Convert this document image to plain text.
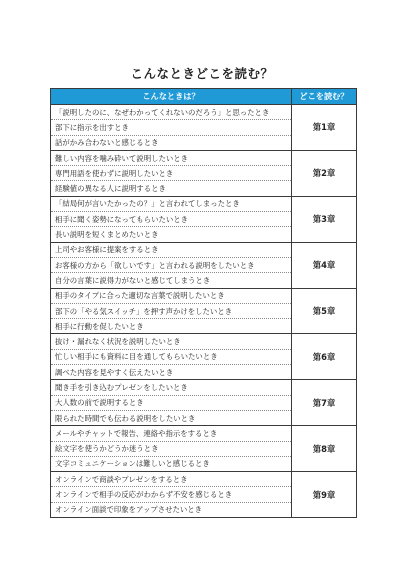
こんなときどこを読む？
こんなときは？	どこを読む？
「説明したのに、なぜわかってくれないのだろう」と思ったとき	第1章
部下に指示を出すとき	
話がかみ合わないと感じるとき	
難しい内容を噛み砕いて説明したいとき	第2章
専門用語を使わずに説明したいとき	
経験値の異なる人に説明するとき	
「結局何が言いたかったの？」と言われてしまったとき	第3章
相手に聞く姿勢になってもらいたいとき	
長い説明を短くまとめたいとき	
上司やお客様に提案をするとき	第4章
お客様の方から「欲しいです」と言われる説明をしたいとき	
自分の言葉に説得力がないと感じてしまうとき	
相手のタイプに合った適切な言葉で説明したいとき	第5章
部下の「やる気スイッチ」を押す声かけをしたいとき	
相手に行動を促したいとき	
抜け・漏れなく状況を説明したいとき	第6章
忙しい相手にも資料に目を通してもらいたいとき	
調べた内容を見やすく伝えたいとき	
聞き手を引き込むプレゼンをしたいとき	第7章
大人数の前で説明するとき	
限られた時間でも伝わる説明をしたいとき	
メールやチャットで報告、連絡や指示をするとき	第8章
絵文字を使うかどうか迷うとき	
文字コミュニケーションは難しいと感じるとき	
オンラインで商談やプレゼンをするとき	第9章
オンラインで相手の反応がわからず不安を感じるとき	
オンライン面談で印象をアップさせたいとき	
